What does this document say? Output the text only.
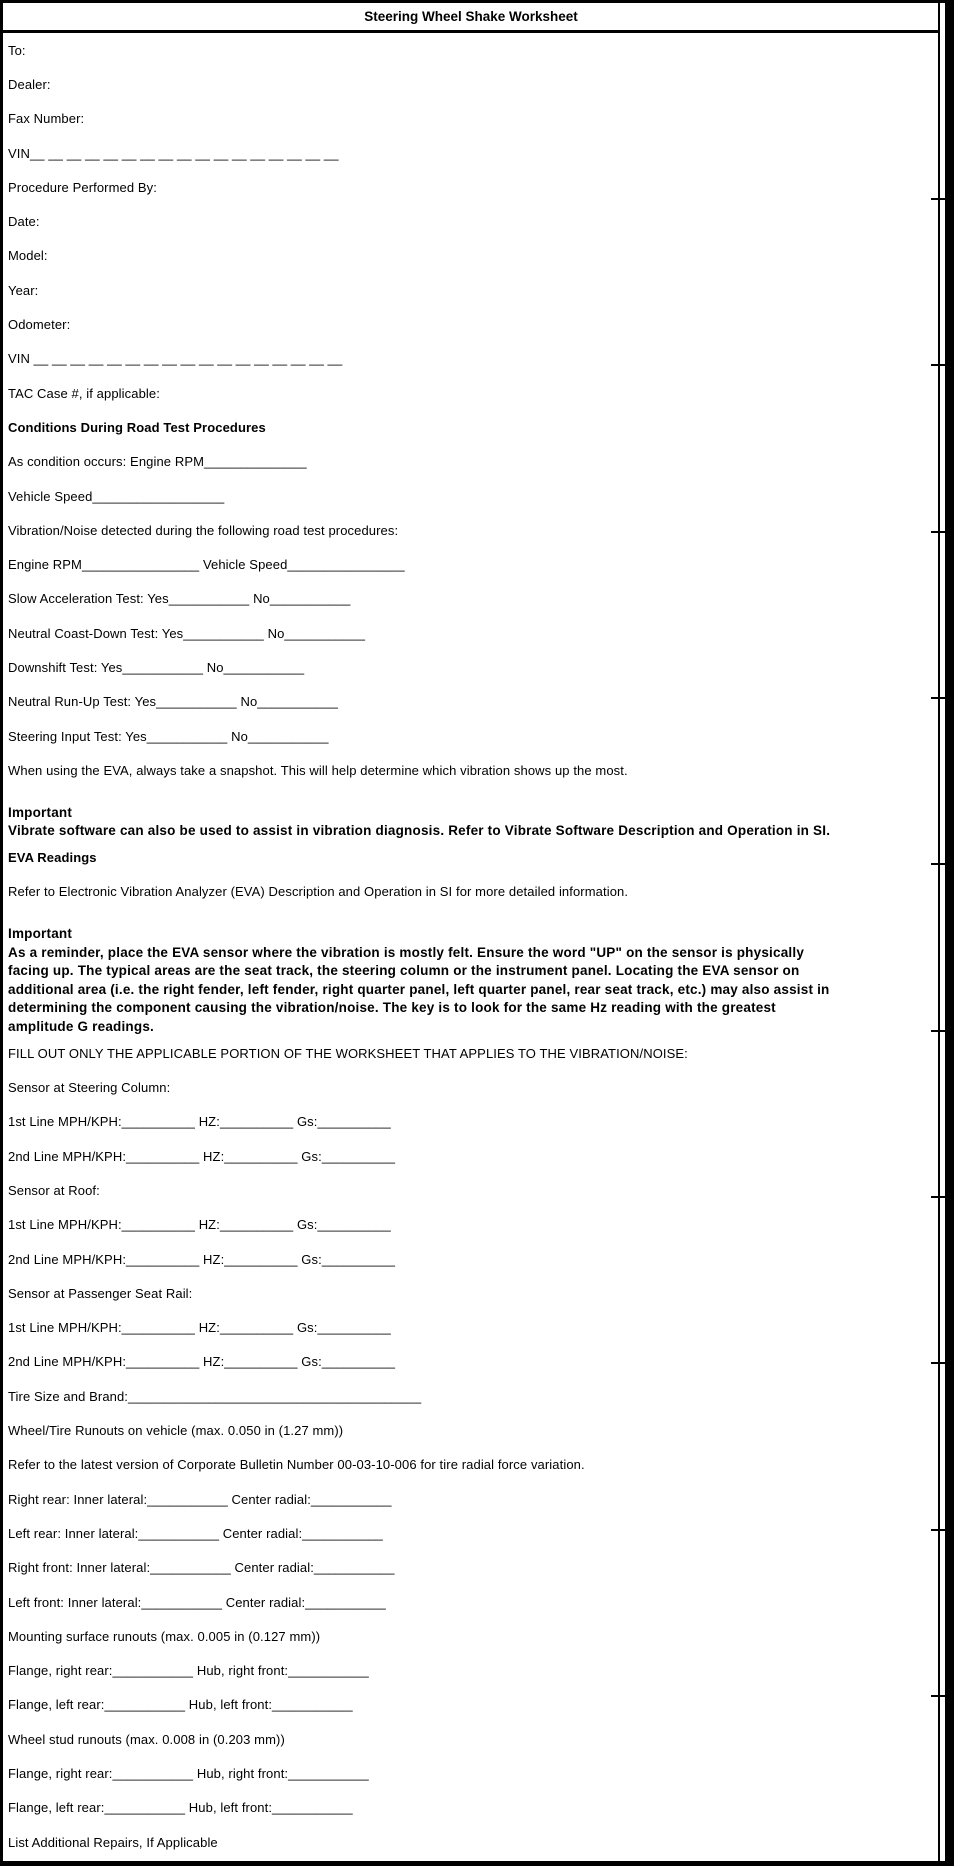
Steering Wheel Shake Worksheet
To:
Dealer:
Fax Number:
VIN__ __ __ __ __ __ __ __ __ __ __ __ __ __ __ __ __
Procedure Performed By:
Date:
Model:
Year:
Odometer:
VIN __ __ __ __ __ __ __ __ __ __ __ __ __ __ __ __ __
TAC Case #, if applicable:
Conditions During Road Test Procedures
As condition occurs: Engine RPM______________
Vehicle Speed__________________
Vibration/Noise detected during the following road test procedures:
Engine RPM________________ Vehicle Speed________________
Slow Acceleration Test: Yes___________ No___________
Neutral Coast-Down Test: Yes___________ No___________
Downshift Test: Yes___________ No___________
Neutral Run-Up Test: Yes___________ No___________
Steering Input Test: Yes___________ No___________
When using the EVA, always take a snapshot. This will help determine which vibration shows up the most.
Important
Vibrate software can also be used to assist in vibration diagnosis. Refer to Vibrate Software Description and Operation in SI.
EVA Readings
Refer to Electronic Vibration Analyzer (EVA) Description and Operation in SI for more detailed information.
Important
As a reminder, place the EVA sensor where the vibration is mostly felt. Ensure the word "UP" on the sensor is physically
facing up. The typical areas are the seat track, the steering column or the instrument panel. Locating the EVA sensor on
additional area (i.e. the right fender, left fender, right quarter panel, left quarter panel, rear seat track, etc.) may also assist in
determining the component causing the vibration/noise. The key is to look for the same Hz reading with the greatest
amplitude G readings.
FILL OUT ONLY THE APPLICABLE PORTION OF THE WORKSHEET THAT APPLIES TO THE VIBRATION/NOISE:
Sensor at Steering Column:
1st Line MPH/KPH:__________ HZ:__________ Gs:__________
2nd Line MPH/KPH:__________ HZ:__________ Gs:__________
Sensor at Roof:
1st Line MPH/KPH:__________ HZ:__________ Gs:__________
2nd Line MPH/KPH:__________ HZ:__________ Gs:__________
Sensor at Passenger Seat Rail:
1st Line MPH/KPH:__________ HZ:__________ Gs:__________
2nd Line MPH/KPH:__________ HZ:__________ Gs:__________
Tire Size and Brand:________________________________________
Wheel/Tire Runouts on vehicle (max. 0.050 in (1.27 mm))
Refer to the latest version of Corporate Bulletin Number 00-03-10-006 for tire radial force variation.
Right rear: Inner lateral:___________ Center radial:___________
Left rear: Inner lateral:___________ Center radial:___________
Right front: Inner lateral:___________ Center radial:___________
Left front: Inner lateral:___________ Center radial:___________
Mounting surface runouts (max. 0.005 in (0.127 mm))
Flange, right rear:___________ Hub, right front:___________
Flange, left rear:___________ Hub, left front:___________
Wheel stud runouts (max. 0.008 in (0.203 mm))
Flange, right rear:___________ Hub, right front:___________
Flange, left rear:___________ Hub, left front:___________
List Additional Repairs, If Applicable
